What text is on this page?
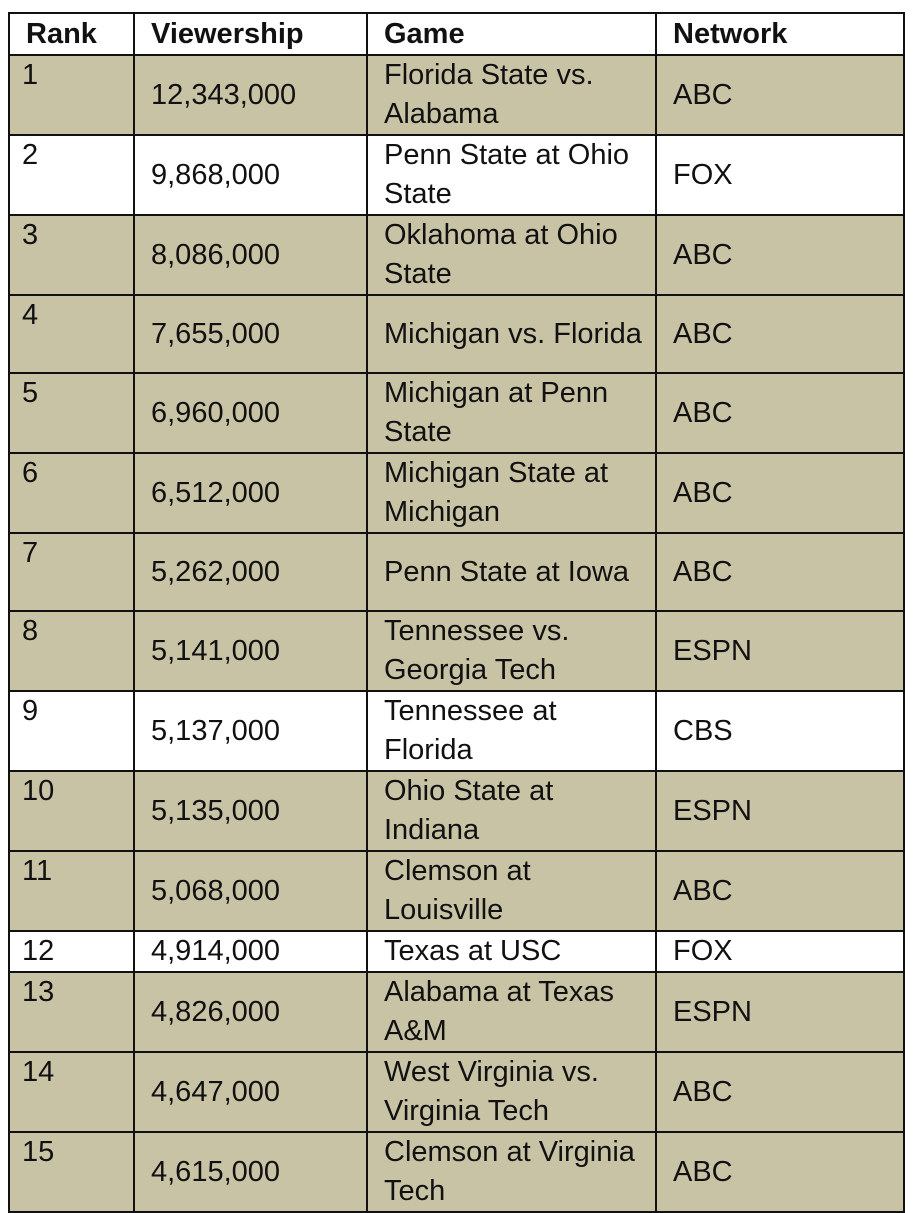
Rank	Viewership	Game	Network
1	12,343,000	Florida State vs. Alabama	ABC
2	9,868,000	Penn State at Ohio State	FOX
3	8,086,000	Oklahoma at Ohio State	ABC
4	7,655,000	Michigan vs. Florida	ABC
5	6,960,000	Michigan at Penn State	ABC
6	6,512,000	Michigan State at Michigan	ABC
7	5,262,000	Penn State at Iowa	ABC
8	5,141,000	Tennessee vs. Georgia Tech	ESPN
9	5,137,000	Tennessee at Florida	CBS
10	5,135,000	Ohio State at Indiana	ESPN
11	5,068,000	Clemson at Louisville	ABC
12	4,914,000	Texas at USC	FOX
13	4,826,000	Alabama at Texas A&M	ESPN
14	4,647,000	West Virginia vs. Virginia Tech	ABC
15	4,615,000	Clemson at Virginia Tech	ABC
